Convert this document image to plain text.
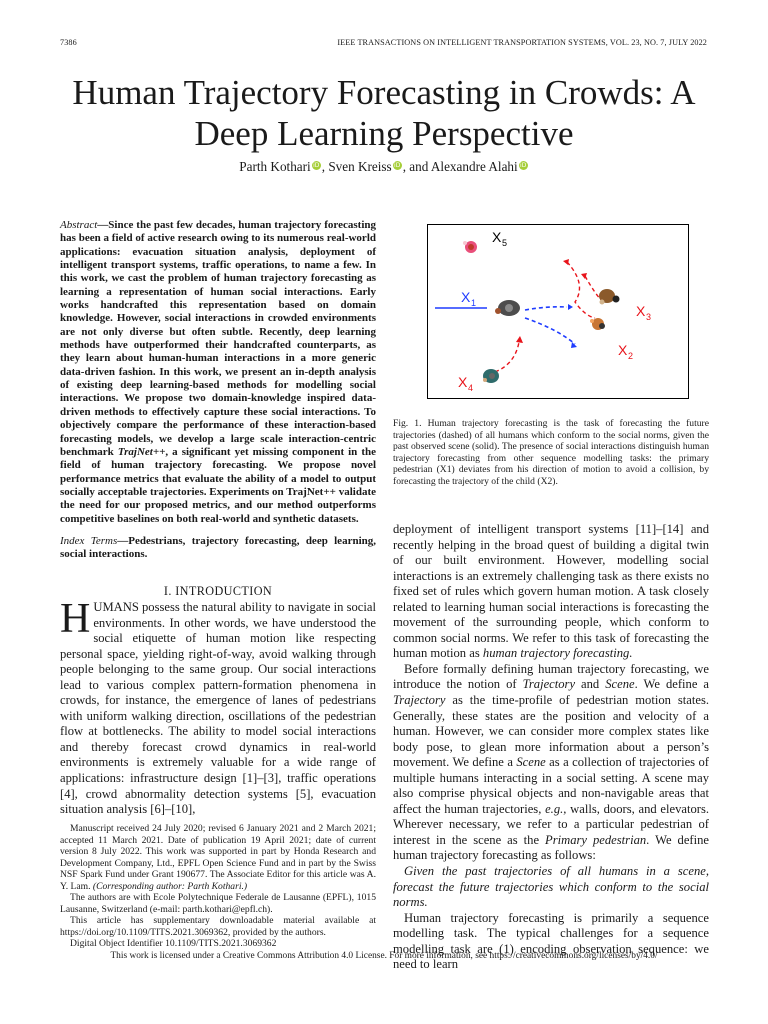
7386	IEEE TRANSACTIONS ON INTELLIGENT TRANSPORTATION SYSTEMS, VOL. 23, NO. 7, JULY 2022
Human Trajectory Forecasting in Crowds: A Deep Learning Perspective
Parth Kothari iD , Sven Kreiss iD , and Alexandre Alahi iD
Abstract—Since the past few decades, human trajectory forecasting has been a field of active research owing to its numerous real-world applications: evacuation situation analysis, deployment of intelligent transport systems, traffic operations, to name a few. In this work, we cast the problem of human trajectory forecasting as learning a representation of human social interactions. Early works handcrafted this representation based on domain knowledge. However, social interactions in crowded environments are not only diverse but often subtle. Recently, deep learning methods have outperformed their handcrafted counterparts, as they learn about human-human interactions in a more generic data-driven fashion. In this work, we present an in-depth analysis of existing deep learning-based methods for modelling social interactions. We propose two domain-knowledge inspired data-driven methods to effectively capture these social interactions. To objectively compare the performance of these interaction-based forecasting models, we develop a large scale interaction-centric benchmark TrajNet++, a significant yet missing component in the field of human trajectory forecasting. We propose novel performance metrics that evaluate the ability of a model to output socially acceptable trajectories. Experiments on TrajNet++ validate the need for our proposed metrics, and our method outperforms competitive baselines on both real-world and synthetic datasets.
Index Terms—Pedestrians, trajectory forecasting, deep learning, social interactions.
I. INTRODUCTION

HUMANS possess the natural ability to navigate in social environments. In other words, we have understood the social etiquette of human motion like respecting personal space, yielding right-of-way, avoid walking through people belonging to the same group. Our social interactions lead to various complex pattern-formation phenomena in crowds, for instance, the emergence of lanes of pedestrians with uniform walking direction, oscillations of the pedestrian flow at bottlenecks. The ability to model social interactions and thereby forecast crowd dynamics in real-world environments is extremely valuable for a wide range of applications: infrastructure design [1]–[3], traffic operations [4], crowd abnormality detection systems [5], evacuation situation analysis [6]–[10],

Manuscript received 24 July 2020; revised 6 January 2021 and 2 March 2021; accepted 11 March 2021. Date of publication 19 April 2021; date of current version 8 July 2022. This work was supported in part by Honda Research and Development Company, Ltd., EPFL Open Science Fund and in part by the Swiss NSF Spark Fund under Grant 190677. The Associate Editor for this article was A. Y. Lam. (Corresponding author: Parth Kothari.)

The authors are with Ecole Polytechnique Federale de Lausanne (EPFL), 1015 Lausanne, Switzerland (e-mail: parth.kothari@epfl.ch).

This article has supplementary downloadable material available at https://doi.org/10.1109/TITS.2021.3069362, provided by the authors.

Digital Object Identifier 10.1109/TITS.2021.3069362

X 5
X 1	X 3
X 2
X 4
Fig. 1. Human trajectory forecasting is the task of forecasting the future trajectories (dashed) of all humans which conform to the social norms, given the past observed scene (solid). The presence of social interactions distinguish human trajectory forecasting from other sequence modelling tasks: the primary pedestrian (X1) deviates from his direction of motion to avoid a collision, by forecasting the trajectory of the child (X2).

deployment of intelligent transport systems [11]–[14] and recently helping in the broad quest of building a digital twin of our built environment. However, modelling social interactions is an extremely challenging task as there exists no fixed set of rules which govern human motion. A task closely related to learning human social interactions is forecasting the movement of the surrounding people, which conform to common social norms. We refer to this task of forecasting the human motion as human trajectory forecasting.

Before formally defining human trajectory forecasting, we introduce the notion of Trajectory and Scene. We define a Trajectory as the time-profile of pedestrian motion states. Generally, these states are the position and velocity of a human. However, we can consider more complex states like body pose, to glean more information about a person’s movement. We define a Scene as a collection of trajectories of multiple humans interacting in a social setting. A scene may also comprise physical objects and non-navigable areas that affect the human trajectories, e.g., walls, doors, and elevators. Wherever necessary, we refer to a particular pedestrian of interest in the scene as the Primary pedestrian. We define human trajectory forecasting as follows:

Given the past trajectories of all humans in a scene, forecast the future trajectories which conform to the social norms.

Human trajectory forecasting is primarily a sequence modelling task. The typical challenges for a sequence modelling task are (1) encoding observation sequence: we need to learn

This work is licensed under a Creative Commons Attribution 4.0 License. For more information, see https://creativecommons.org/licenses/by/4.0/
